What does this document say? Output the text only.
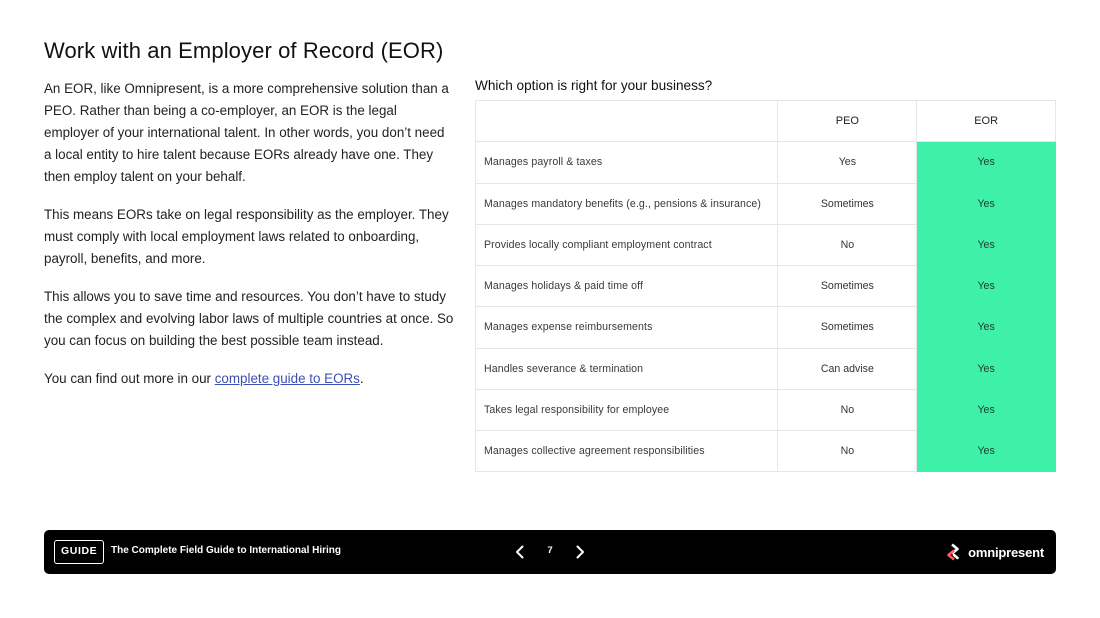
Work with an Employer of Record (EOR)

An EOR, like Omnipresent, is a more comprehensive solution than a PEO. Rather than being a co-employer, an EOR is the legal employer of your international talent. In other words, you don’t need a local entity to hire talent because EORs already have one. They then employ talent on your behalf.

This means EORs take on legal responsibility as the employer. They must comply with local employment laws related to onboarding, payroll, benefits, and more.

This allows you to save time and resources. You don’t have to study the complex and evolving labor laws of multiple countries at once. So you can focus on building the best possible team instead.

You can find out more in our complete guide to EORs.

Which option is right for your business?
	PEO	EOR
Manages payroll & taxes	Yes	Yes
Manages mandatory benefits (e.g., pensions & insurance)	Sometimes	Yes
Provides locally compliant employment contract	No	Yes
Manages holidays & paid time off	Sometimes	Yes
Manages expense reimbursements	Sometimes	Yes
Handles severance & termination	Can advise	Yes
Takes legal responsibility for employee	No	Yes
Manages collective agreement responsibilities	No	Yes
GUIDE	The Complete Field Guide to International Hiring	7	omnipresent
